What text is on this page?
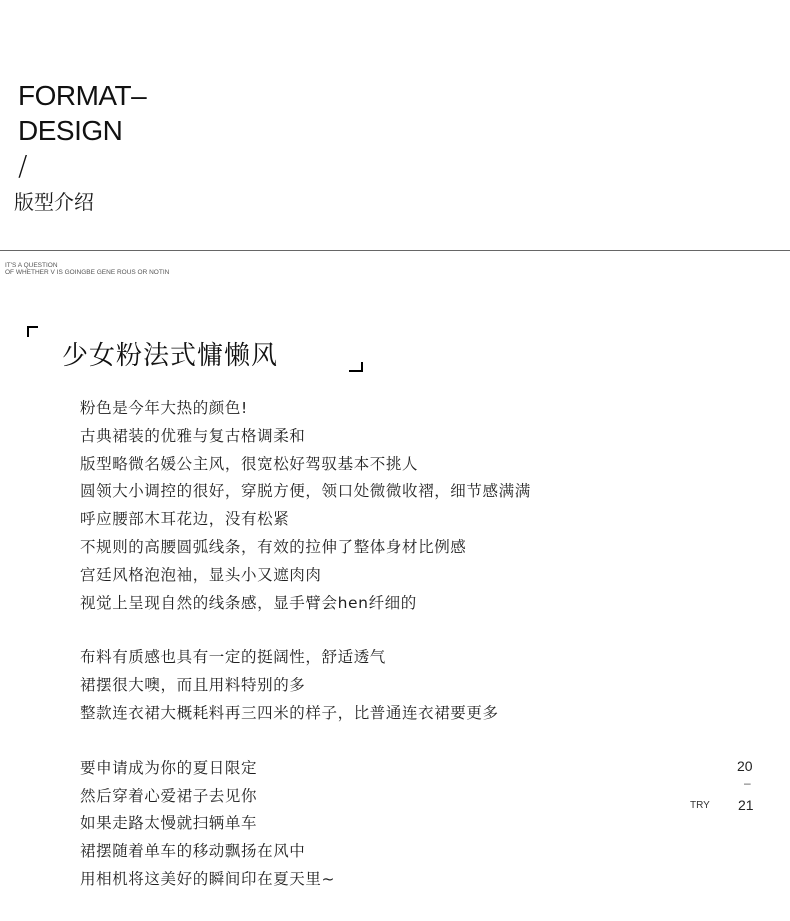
FORMAT–
DESIGN
/
版型介绍
IT'S A QUESTION
OF WHETHER V IS GOINGBE GENE ROUS OR NOTIN
少女粉法式慵懒风
粉色是今年大热的颜色!
古典裙装的优雅与复古格调柔和
版型略微名媛公主风，很宽松好驾驭基本不挑人
圆领大小调控的很好，穿脱方便，领口处微微收褶，细节感满满
呼应腰部木耳花边，没有松紧
不规则的高腰圆弧线条，有效的拉伸了整体身材比例感
宫廷风格泡泡袖，显头小又遮肉肉
视觉上呈现自然的线条感，显手臂会hen纤细的
布料有质感也具有一定的挺阔性，舒适透气
裙摆很大噢，而且用料特别的多
整款连衣裙大概耗料再三四米的样子，比普通连衣裙要更多
要申请成为你的夏日限定
然后穿着心爱裙子去见你
如果走路太慢就扫辆单车
裙摆随着单车的移动飘扬在风中
用相机将这美好的瞬间印在夏天里~
20
–
TRY 21
